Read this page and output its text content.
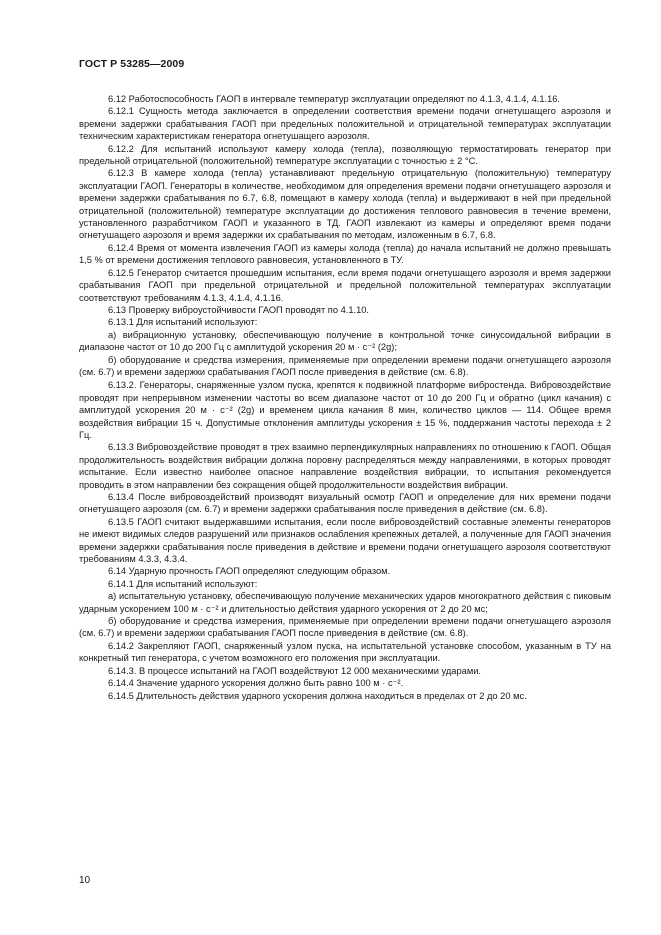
ГОСТ Р 53285—2009

6.12 Работоспособность ГАОП в интервале температур эксплуатации определяют по 4.1.3, 4.1.4, 4.1.16.

6.12.1 Сущность метода заключается в определении соответствия времени подачи огнетушащего аэрозоля и времени задержки срабатывания ГАОП при предельных положительной и отрицательной температурах эксплуатации техническим характеристикам генератора огнетушащего аэрозоля.

6.12.2 Для испытаний используют камеру холода (тепла), позволяющую термостатировать генератор при предельной отрицательной (положительной) температуре эксплуатации с точностью ± 2 °С.

6.12.3 В камере холода (тепла) устанавливают предельную отрицательную (положительную) температуру эксплуатации ГАОП. Генераторы в количестве, необходимом для определения времени подачи огнетушащего аэрозоля и времени задержки срабатывания по 6.7, 6.8, помещают в камеру холода (тепла) и выдерживают в ней при предельной отрицательной (положительной) температуре эксплуатации до достижения теплового равновесия в течение времени, установленного разработчиком ГАОП и указанного в ТД. ГАОП извлекают из камеры и определяют время подачи огнетушащего аэрозоля и время задержки их срабатывания по методам, изложенным в 6.7, 6.8.

6.12.4 Время от момента извлечения ГАОП из камеры холода (тепла) до начала испытаний не должно превышать 1,5 % от времени достижения теплового равновесия, установленного в ТУ.

6.12.5 Генератор считается прошедшим испытания, если время подачи огнетушащего аэрозоля и время задержки срабатывания ГАОП при предельной отрицательной и предельной положительной температурах эксплуатации соответствуют требованиям 4.1.3, 4.1.4, 4.1.16.

6.13 Проверку виброустойчивости ГАОП проводят по 4.1.10.

6.13.1 Для испытаний используют:

а) вибрационную установку, обеспечивающую получение в контрольной точке синусоидальной вибрации в диапазоне частот от 10 до 200 Гц с амплитудой ускорения 20 м · с⁻² (2g);

б) оборудование и средства измерения, применяемые при определении времени подачи огнетушащего аэрозоля (см. 6.7) и времени задержки срабатывания ГАОП после приведения в действие (см. 6.8).

6.13.2. Генераторы, снаряженные узлом пуска, крепятся к подвижной платформе вибростенда. Вибровоздействие проводят при непрерывном изменении частоты во всем диапазоне частот от 10 до 200 Гц и обратно (цикл качания) с амплитудой ускорения 20 м · с⁻² (2g) и временем цикла качания 8 мин, количество циклов — 114. Общее время воздействия вибрации 15 ч. Допустимые отклонения амплитуды ускорения ± 15 %, поддержания частоты перехода ± 2 Гц.

6.13.3 Вибровоздействие проводят в трех взаимно перпендикулярных направлениях по отношению к ГАОП. Общая продолжительность воздействия вибрации должна поровну распределяться между направлениями, в которых проводят испытание. Если известно наиболее опасное направление воздействия вибрации, то испытания рекомендуется проводить в этом направлении без сокращения общей продолжительности воздействия вибрации.

6.13.4 После вибровоздействий производят визуальный осмотр ГАОП и определение для них времени подачи огнетушащего аэрозоля (см. 6.7) и времени задержки срабатывания после приведения в действие (см. 6.8).

6.13.5 ГАОП считают выдержавшими испытания, если после вибровоздействий составные элементы генераторов не имеют видимых следов разрушений или признаков ослабления крепежных деталей, а полученные для ГАОП значения времени задержки срабатывания после приведения в действие и времени подачи огнетушащего аэрозоля соответствуют требованиям 4.3.3, 4.3.4.

6.14 Ударную прочность ГАОП определяют следующим образом.

6.14.1 Для испытаний используют:

а) испытательную установку, обеспечивающую получение механических ударов многократного действия с пиковым ударным ускорением 100 м · с⁻² и длительностью действия ударного ускорения от 2 до 20 мс;

б) оборудование и средства измерения, применяемые при определении времени подачи огнетушащего аэрозоля (см. 6.7) и времени задержки срабатывания ГАОП после приведения в действие (см. 6.8).

6.14.2 Закрепляют ГАОП, снаряженный узлом пуска, на испытательной установке способом, указанным в ТУ на конкретный тип генератора, с учетом возможного его положения при эксплуатации.

6.14.3. В процессе испытаний на ГАОП воздействуют 12 000 механическими ударами.

6.14.4 Значение ударного ускорения должно быть равно 100 м · с⁻².

6.14.5 Длительность действия ударного ускорения должна находиться в пределах от 2 до 20 мс.

10
